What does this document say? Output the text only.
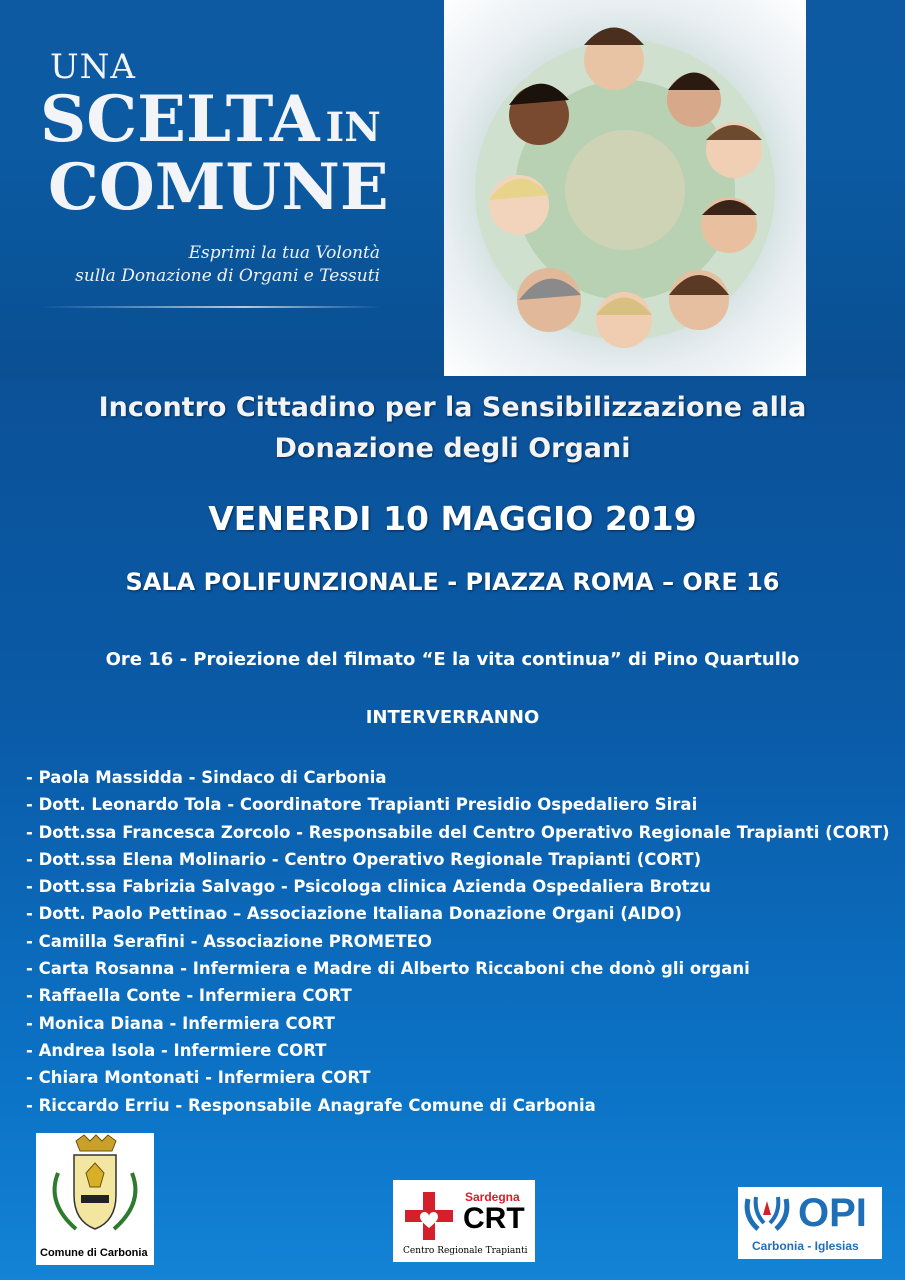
UNA
SCELTA IN
COMUNE
Esprimi la tua Volontà
sulla Donazione di Organi e Tessuti
Incontro Cittadino per la Sensibilizzazione alla
Donazione degli Organi
VENERDI 10 MAGGIO 2019
SALA POLIFUNZIONALE - PIAZZA ROMA – ORE 16
Ore 16 - Proiezione del filmato “E la vita continua” di Pino Quartullo
INTERVERRANNO
- Paola Massidda - Sindaco di Carbonia
- Dott. Leonardo Tola - Coordinatore Trapianti Presidio Ospedaliero Sirai
- Dott.ssa Francesca Zorcolo - Responsabile del Centro Operativo Regionale Trapianti (CORT)
- Dott.ssa Elena Molinario - Centro Operativo Regionale Trapianti (CORT)
- Dott.ssa Fabrizia Salvago - Psicologa clinica Azienda Ospedaliera Brotzu
- Dott. Paolo Pettinao – Associazione Italiana Donazione Organi (AIDO)
- Camilla Serafini - Associazione PROMETEO
- Carta Rosanna - Infermiera e Madre di Alberto Riccaboni che donò gli organi
- Raffaella Conte - Infermiera CORT
- Monica Diana - Infermiera CORT
- Andrea Isola - Infermiere CORT
- Chiara Montonati - Infermiera CORT
- Riccardo Erriu - Responsabile Anagrafe Comune di Carbonia
Comune di Carbonia
Sardegna
CRT
Centro Regionale Trapianti
OPI
Carbonia - Iglesias
